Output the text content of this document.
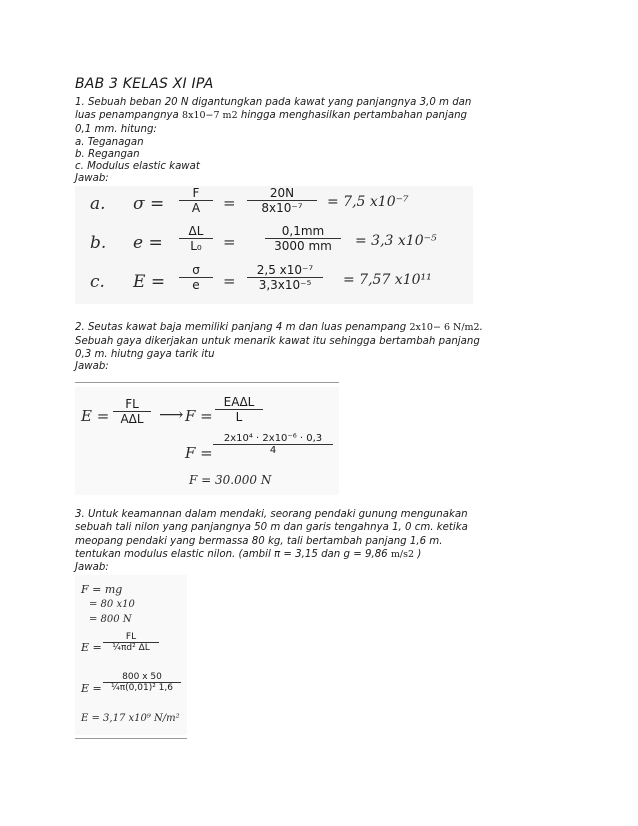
BAB 3 KELAS XI IPA
1. Sebuah beban 20 N digantungkan pada kawat yang panjangnya 3,0 m dan
luas penampangnya 8x10−7 m2 hingga menghasilkan pertambahan panjang
0,1 mm. hitung:
a. Teganagan
b. Regangan
c. Modulus elastic kawat
Jawab:
a. $\sigma = \frac{F}{A} = \frac{20N}{\text{8x10⁻⁷}} = 7,5$ x10⁻⁷
b. $e = \frac{\Delta L}{\text{L₀}} = \frac{0,1mm}{3000 mm} = 3,3$ x10⁻⁵
c. $E = \frac{\sigma}{e} = \frac{\text{2,5 x10⁻⁷}}{\text{3,3x10⁻⁵}} = 7,57$ x10¹¹
2. Seutas kawat baja memiliki panjang 4 m dan luas penampang 2x10− 6 N/m2.
Sebuah gaya dikerjakan untuk menarik kawat itu sehingga bertambah panjang
0,3 m. hiutng gaya tarik itu
Jawab:
E =
FL
AΔL ⟶ F =
EAΔL
L
$F = \frac{\text{2x10⁴ · 2x10⁻⁶ · 0,3}}{4}$
F = 30.000 N
3. Untuk keamannan dalam mendaki, seorang pendaki gunung mengunakan
sebuah tali nilon yang panjangnya 50 m dan garis tengahnya 1, 0 cm. ketika
meopang pendaki yang bermassa 80 kg, tali bertambah panjang 1,6 m.
tentukan modulus elastic nilon. (ambil π = 3,15 dan g = 9,86 m/s2 )
Jawab:
F = mg
= 80 x10
= 800 N
$E = \frac{FL}{\text{¼πd² ΔL}}$
$E = \frac{800 x 50}{\text{¼π(0,01)² 1,6}}$
E = 3,17 x10⁹ N/m²
